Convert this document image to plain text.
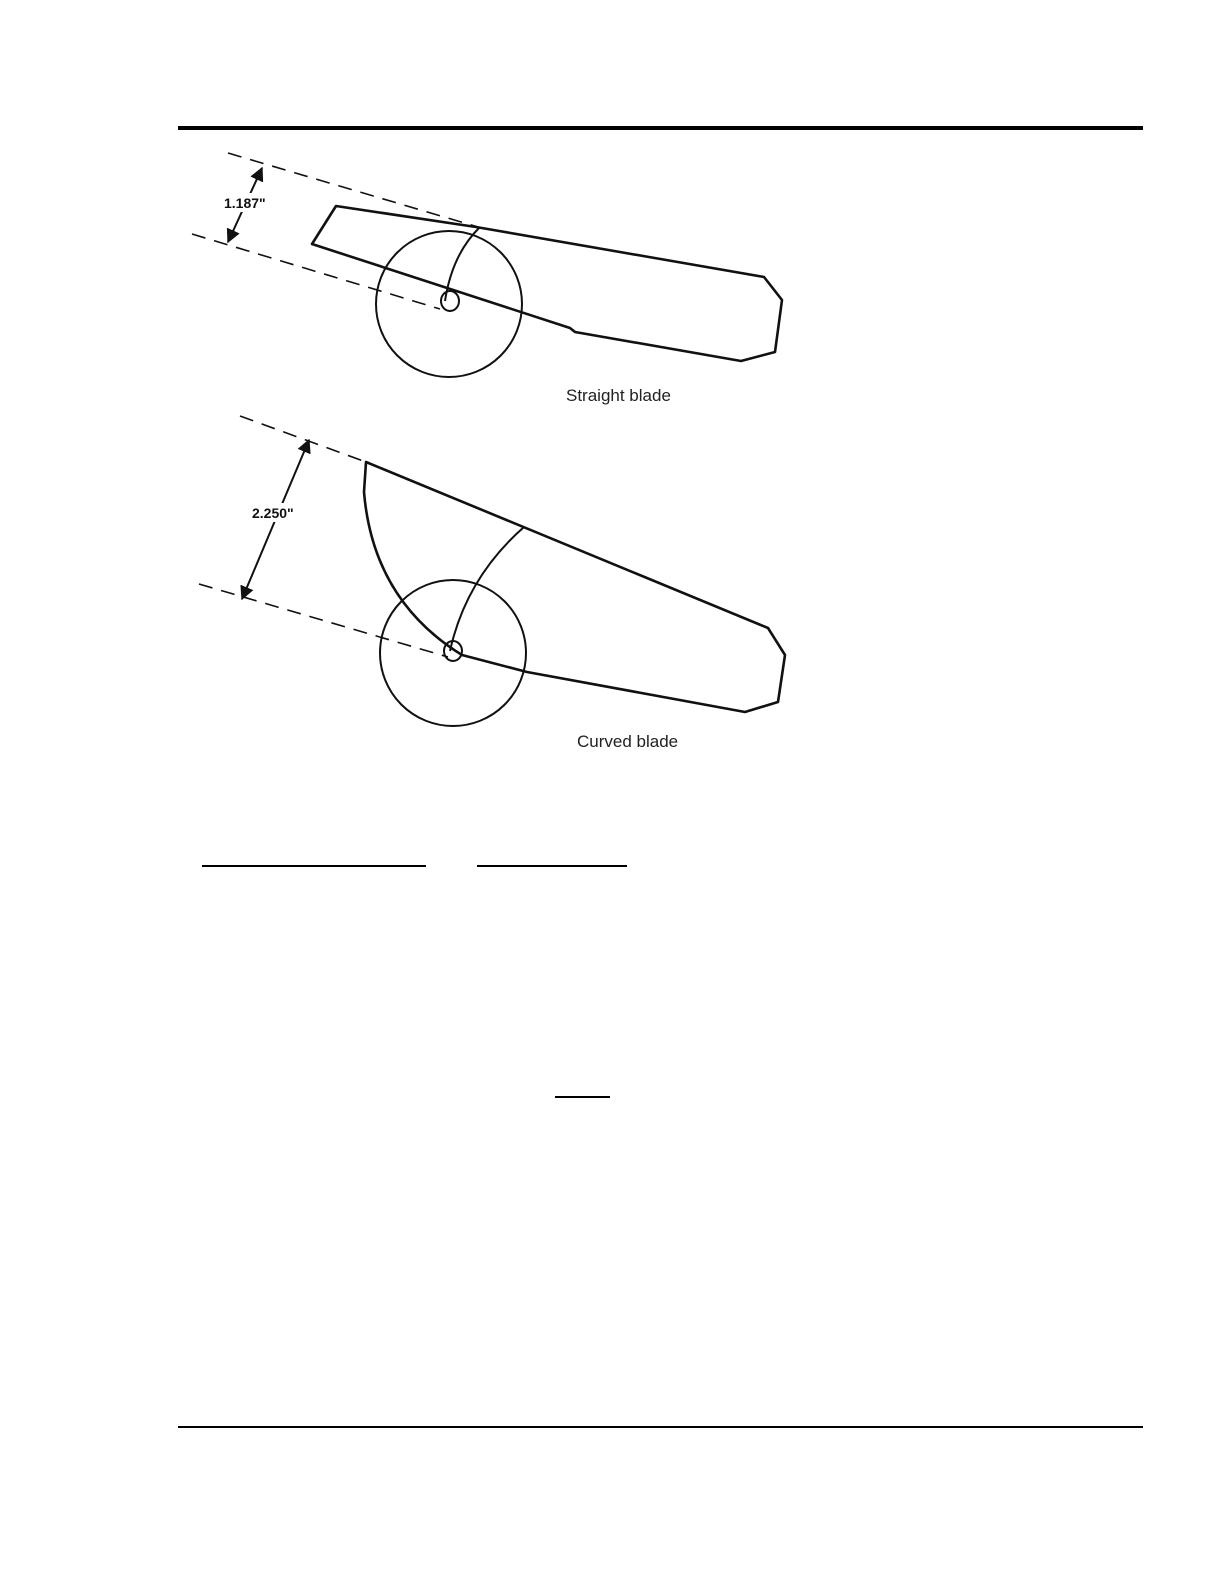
1.187"
Straight blade
2.250"
Curved blade
